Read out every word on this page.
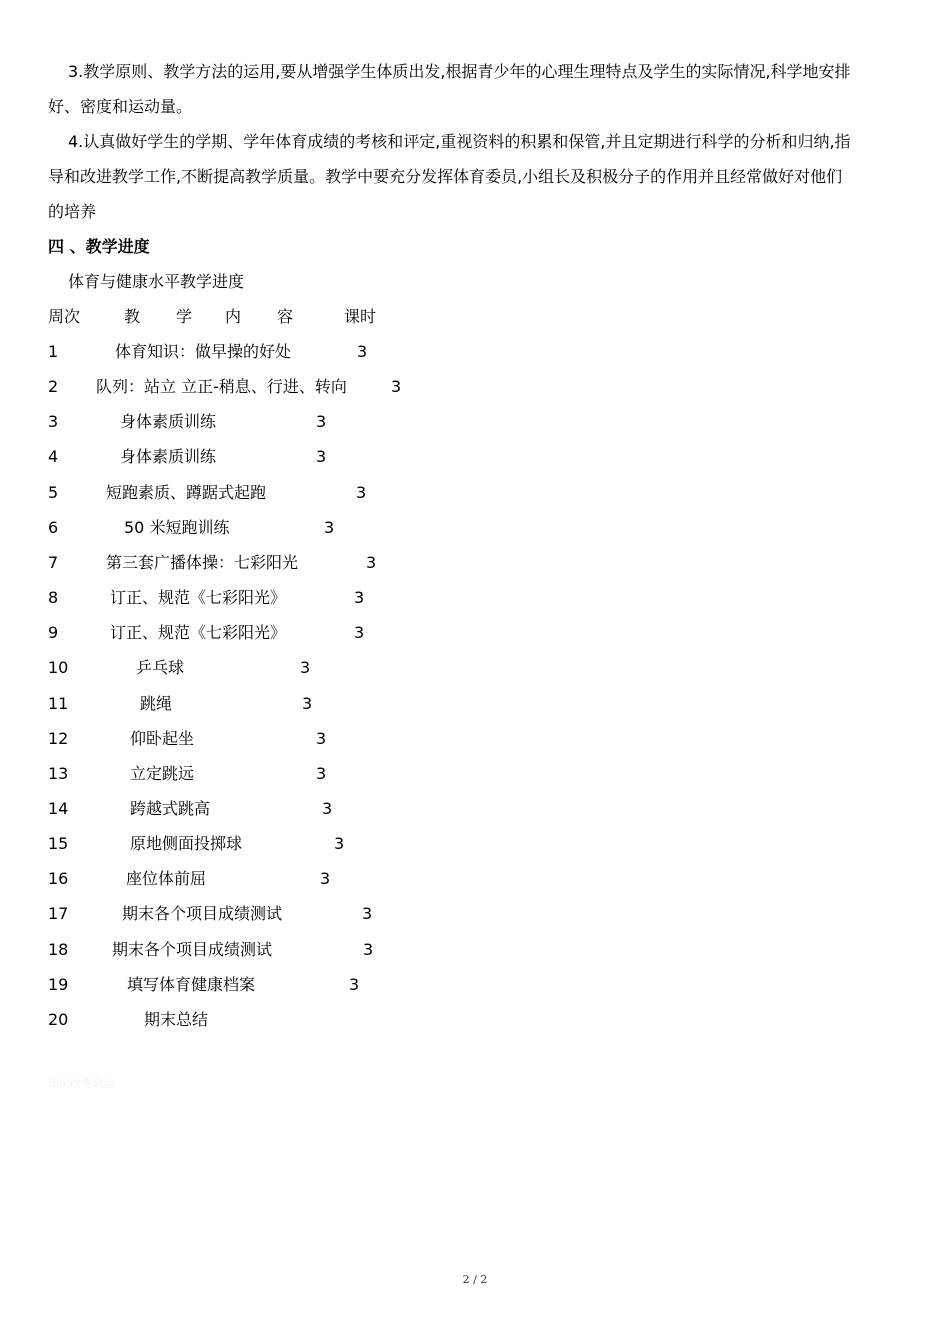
3.教学原则、教学方法的运用,要从增强学生体质出发,根据青少年的心理生理特点及学生的实际情况,科学地安排
好、密度和运动量。
4.认真做好学生的学期、学年体育成绩的考核和评定,重视资料的积累和保管,并且定期进行科学的分析和归纳,指
导和改进教学工作,不断提高教学质量。教学中要充分发挥体育委员,小组长及积极分子的作用并且经常做好对他们
的培养
四 、教学进度
体育与健康水平教学进度
周次	教 学 内 容	课时
1	体育知识：做早操的好处	3
2 队列：站立 立正-稍息、行进、转向	3
3	身体素质训练	3
4	身体素质训练	3
5	短跑素质、蹲踞式起跑	3
6	50 米短跑训练	3
7	第三套广播体操：七彩阳光	3
8	订正、规范《七彩阳光》	3
9	订正、规范《七彩阳光》	3
10	乒乓球	3
11	跳绳	3
12	仰卧起坐	3
13	立定跳远	3
14	跨越式跳高	3
15	原地侧面投掷球	3
16	座位体前屈	3
17	期末各个项目成绩测试	3
18	期末各个项目成绩测试	3
19	填写体育健康档案	3
20	期末总结
知识改变命运
2 / 2
